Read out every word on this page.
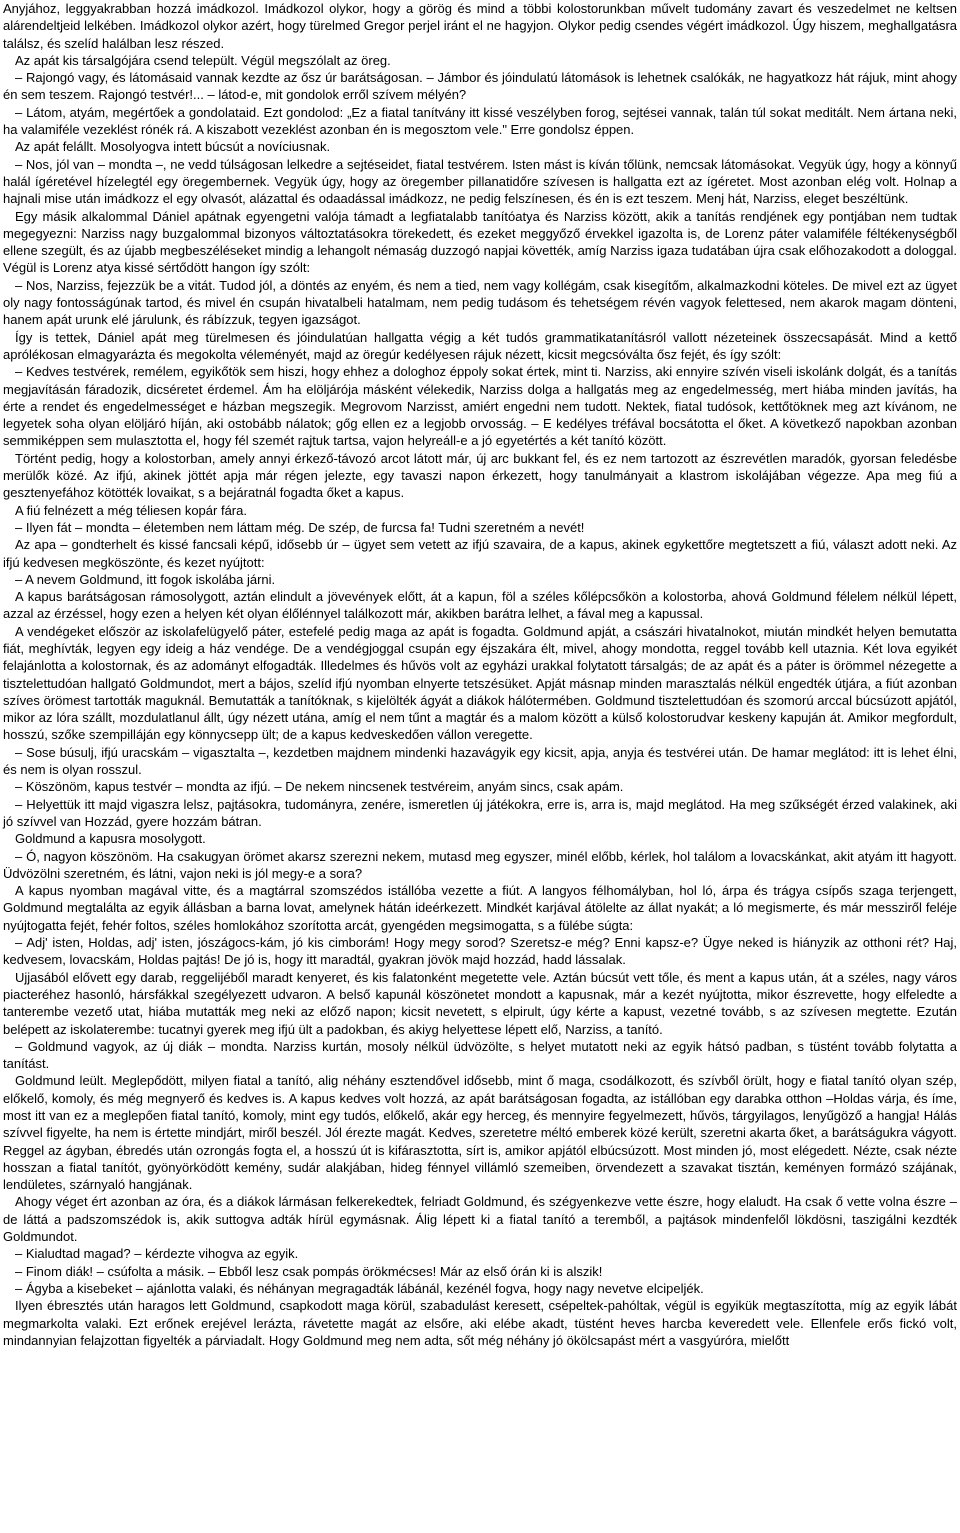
Anyjához, leggyakrabban hozzá imádkozol. Imádkozol olykor, hogy a görög és mind a többi kolostorunkban művelt tudomány zavart és veszedelmet ne keltsen alárendeltjeid lelkében. Imádkozol olykor azért, hogy türelmed Gregor perjel iránt el ne hagyjon. Olykor pedig csendes végért imádkozol. Úgy hiszem, meghallgatásra találsz, és szelíd halálban lesz részed.

Az apát kis társalgójára csend települt. Végül megszólalt az öreg.

– Rajongó vagy, és látomásaid vannak kezdte az ősz úr barátságosan. – Jámbor és jóindulatú látomások is lehetnek csalókák, ne hagyatkozz hát rájuk, mint ahogy én sem teszem. Rajongó testvér!... – látod-e, mit gondolok erről szívem mélyén?

– Látom, atyám, megértőek a gondolataid. Ezt gondolod: „Ez a fiatal tanítvány itt kissé veszélyben forog, sejtései vannak, talán túl sokat meditált. Nem ártana neki, ha valamiféle vezeklést rónék rá. A kiszabott vezeklést azonban én is megosztom vele." Erre gondolsz éppen.

Az apát felállt. Mosolyogva intett búcsút a novíciusnak.

– Nos, jól van – mondta –, ne vedd túlságosan lelkedre a sejtéseidet, fiatal testvérem. Isten mást is kíván tőlünk, nemcsak látomásokat. Vegyük úgy, hogy a könnyű halál ígéretével hízelegtél egy öregembernek. Vegyük úgy, hogy az öregember pillanatidőre szívesen is hallgatta ezt az ígéretet. Most azonban elég volt. Holnap a hajnali mise után imádkozz el egy olvasót, alázattal és odaadással imádkozz, ne pedig felszínesen, és én is ezt teszem. Menj hát, Narziss, eleget beszéltünk.

Egy másik alkalommal Dániel apátnak egyengetni valója támadt a legfiatalabb tanítóatya és Narziss között, akik a tanítás rendjének egy pontjában nem tudtak megegyezni: Narziss nagy buzgalommal bizonyos változtatásokra törekedett, és ezeket meggyőző érvekkel igazolta is, de Lorenz páter valamiféle féltékenységből ellene szegült, és az újabb megbeszéléseket mindig a lehangolt némaság duzzogó napjai követték, amíg Narziss igaza tudatában újra csak előhozakodott a dologgal. Végül is Lorenz atya kissé sértődött hangon így szólt:

– Nos, Narziss, fejezzük be a vitát. Tudod jól, a döntés az enyém, és nem a tied, nem vagy kollégám, csak kisegítőm, alkalmazkodni köteles. De mivel ezt az ügyet oly nagy fontosságúnak tartod, és mivel én csupán hivatalbeli hatalmam, nem pedig tudásom és tehetségem révén vagyok felettesed, nem akarok magam dönteni, hanem apát urunk elé járulunk, és rábízzuk, tegyen igazságot.

Így is tettek, Dániel apát meg türelmesen és jóindulatúan hallgatta végig a két tudós grammatikatanításról vallott nézeteinek összecsapását. Mind a kettő aprólékosan elmagyarázta és megokolta véleményét, majd az öregúr kedélyesen rájuk nézett, kicsit megcsóválta ősz fejét, és így szólt:

– Kedves testvérek, remélem, egyikőtök sem hiszi, hogy ehhez a dologhoz éppoly sokat értek, mint ti. Narziss, aki ennyire szívén viseli iskolánk dolgát, és a tanítás megjavításán fáradozik, dicséretet érdemel. Ám ha elöljárója másként vélekedik, Narziss dolga a hallgatás meg az engedelmesség, mert hiába minden javítás, ha érte a rendet és engedelmességet e házban megszegik. Megrovom Narzisst, amiért engedni nem tudott. Nektek, fiatal tudósok, kettőtöknek meg azt kívánom, ne legyetek soha olyan elöljáró híján, aki ostobább nálatok; gőg ellen ez a legjobb orvosság. – E kedélyes tréfával bocsátotta el őket. A következő napokban azonban semmiképpen sem mulasztotta el, hogy fél szemét rajtuk tartsa, vajon helyreáll-e a jó egyetértés a két tanító között.

Történt pedig, hogy a kolostorban, amely annyi érkező-távozó arcot látott már, új arc bukkant fel, és ez nem tartozott az észrevétlen maradók, gyorsan feledésbe merülők közé. Az ifjú, akinek jöttét apja már régen jelezte, egy tavaszi napon érkezett, hogy tanulmányait a klastrom iskolájában végezze. Apa meg fiú a gesztenyefához kötötték lovaikat, s a bejáratnál fogadta őket a kapus.

A fiú felnézett a még téliesen kopár fára.

– Ilyen fát – mondta – életemben nem láttam még. De szép, de furcsa fa! Tudni szeretném a nevét!

Az apa – gondterhelt és kissé fancsali képű, idősebb úr – ügyet sem vetett az ifjú szavaira, de a kapus, akinek egykettőre megtetszett a fiú, választ adott neki. Az ifjú kedvesen megköszönte, és kezet nyújtott:

– A nevem Goldmund, itt fogok iskolába járni.

A kapus barátságosan rámosolygott, aztán elindult a jövevények előtt, át a kapun, föl a széles kőlépcsőkön a kolostorba, ahová Goldmund félelem nélkül lépett, azzal az érzéssel, hogy ezen a helyen két olyan élőlénnyel találkozott már, akikben barátra lelhet, a fával meg a kapussal.

A vendégeket először az iskolafelügyelő páter, estefelé pedig maga az apát is fogadta. Goldmund apját, a császári hivatalnokot, miután mindkét helyen bemutatta fiát, meghívták, legyen egy ideig a ház vendége. De a vendégjoggal csupán egy éjszakára élt, mivel, ahogy mondotta, reggel tovább kell utaznia. Két lova egyikét felajánlotta a kolostornak, és az adományt elfogadták. Illedelmes és hűvös volt az egyházi urakkal folytatott társalgás; de az apát és a páter is örömmel nézegette a tisztelettudóan hallgató Goldmundot, mert a bájos, szelíd ifjú nyomban elnyerte tetszésüket. Apját másnap minden marasztalás nélkül engedték útjára, a fiút azonban szíves örömest tartották maguknál. Bemutatták a tanítóknak, s kijelölték ágyát a diákok hálótermében. Goldmund tisztelettudóan és szomorú arccal búcsúzott apjától, mikor az lóra szállt, mozdulatlanul állt, úgy nézett utána, amíg el nem tűnt a magtár és a malom között a külső kolostorudvar keskeny kapuján át. Amikor megfordult, hosszú, szőke szempilláján egy könnycsepp ült; de a kapus kedveskedően vállon veregette.

– Sose búsulj, ifjú uracskám – vigasztalta –, kezdetben majdnem mindenki hazavágyik egy kicsit, apja, anyja és testvérei után. De hamar meglátod: itt is lehet élni, és nem is olyan rosszul.

– Köszönöm, kapus testvér – mondta az ifjú. – De nekem nincsenek testvéreim, anyám sincs, csak apám.

– Helyettük itt majd vigaszra lelsz, pajtásokra, tudományra, zenére, ismeretlen új játékokra, erre is, arra is, majd meglátod. Ha meg szűkségét érzed valakinek, aki jó szívvel van Hozzád, gyere hozzám bátran.

Goldmund a kapusra mosolygott.

– Ó, nagyon köszönöm. Ha csakugyan örömet akarsz szerezni nekem, mutasd meg egyszer, minél előbb, kérlek, hol találom a lovacskánkat, akit atyám itt hagyott. Üdvözölni szeretném, és látni, vajon neki is jól megy-e a sora?

A kapus nyomban magával vitte, és a magtárral szomszédos istállóba vezette a fiút. A langyos félhomályban, hol ló, árpa és trágya csípős szaga terjengett, Goldmund megtalálta az egyik állásban a barna lovat, amelynek hátán ideérkezett. Mindkét karjával átölelte az állat nyakát; a ló megismerte, és már messziről feléje nyújtogatta fejét, fehér foltos, széles homlokához szorította arcát, gyengéden megsimogatta, s a fülébe súgta:

– Adj' isten, Holdas, adj' isten, jószágocs-kám, jó kis cimborám! Hogy megy sorod? Szeretsz-e még? Enni kapsz-e? Ügye neked is hiányzik az otthoni rét? Haj, kedvesem, lovacskám, Holdas pajtás! De jó is, hogy itt maradtál, gyakran jövök majd hozzád, hadd lássalak.

Ujjasából elővett egy darab, reggelijéből maradt kenyeret, és kis falatonként megetette vele. Aztán búcsút vett tőle, és ment a kapus után, át a széles, nagy város piacteréhez hasonló, hársfákkal szegélyezett udvaron. A belső kapunál köszönetet mondott a kapusnak, már a kezét nyújtotta, mikor észrevette, hogy elfeledte a tanterembe vezető utat, hiába mutatták meg neki az előző napon; kicsit nevetett, s elpirult, úgy kérte a kapust, vezetné tovább, s az szívesen megtette. Ezután belépett az iskolaterembe: tucatnyi gyerek meg ifjú ült a padokban, és akiyg helyettese lépett elő, Narziss, a tanító.

– Goldmund vagyok, az új diák – mondta. Narziss kurtán, mosoly nélkül üdvözölte, s helyet mutatott neki az egyik hátsó padban, s tüstént tovább folytatta a tanítást.

Goldmund leült. Meglepődött, milyen fiatal a tanító, alig néhány esztendővel idősebb, mint ő maga, csodálkozott, és szívből örült, hogy e fiatal tanító olyan szép, előkelő, komoly, és még megnyerő és kedves is. A kapus kedves volt hozzá, az apát barátságosan fogadta, az istállóban egy darabka otthon –Holdas várja, és íme, most itt van ez a meglepően fiatal tanító, komoly, mint egy tudós, előkelő, akár egy herceg, és mennyire fegyelmezett, hűvös, tárgyilagos, lenyűgöző a hangja! Hálás szívvel figyelte, ha nem is értette mindjárt, miről beszél. Jól érezte magát. Kedves, szeretetre méltó emberek közé került, szeretni akarta őket, a barátságukra vágyott. Reggel az ágyban, ébredés után ozrongás fogta el, a hosszú út is kifárasztotta, sírt is, amikor apjától elbúcsúzott. Most minden jó, most elégedett. Nézte, csak nézte hosszan a fiatal tanítót, gyönyörködött kemény, sudár alakjában, hideg fénnyel villámló szemeiben, örvendezett a szavakat tisztán, keményen formázó szájának, lendületes, szárnyaló hangjának.

Ahogy véget ért azonban az óra, és a diákok lármásan felkerekedtek, felriadt Goldmund, és szégyenkezve vette észre, hogy elaludt. Ha csak ő vette volna észre –de láttá a padszomszédok is, akik suttogva adták hírül egymásnak. Álig lépett ki a fiatal tanító a teremből, a pajtások mindenfelől lökdösni, taszigálni kezdték Goldmundot.

– Kialudtad magad? – kérdezte vihogva az egyik.

– Finom diák! – csúfolta a másik. – Ebből lesz csak pompás örökmécses! Már az első órán ki is alszik!

– Ágyba a kisebeket – ajánlotta valaki, és néhányan megragadták lábánál, kezénél fogva, hogy nagy nevetve elcipeljék.

Ilyen ébresztés után haragos lett Goldmund, csapkodott maga körül, szabadulást keresett, csépeltek-pahóltak, végül is egyikük megtaszította, míg az egyik lábát megmarkolta valaki. Ezt erőnek erejével lerázta, rávetette magát az elsőre, aki elébe akadt, tüstént heves harcba keveredett vele. Ellenfele erős fickó volt, mindannyian felajzottan figyelték a párviadalt. Hogy Goldmund meg nem adta, sőt még néhány jó ökölcsapást mért a vasgyúróra, mielőtt
